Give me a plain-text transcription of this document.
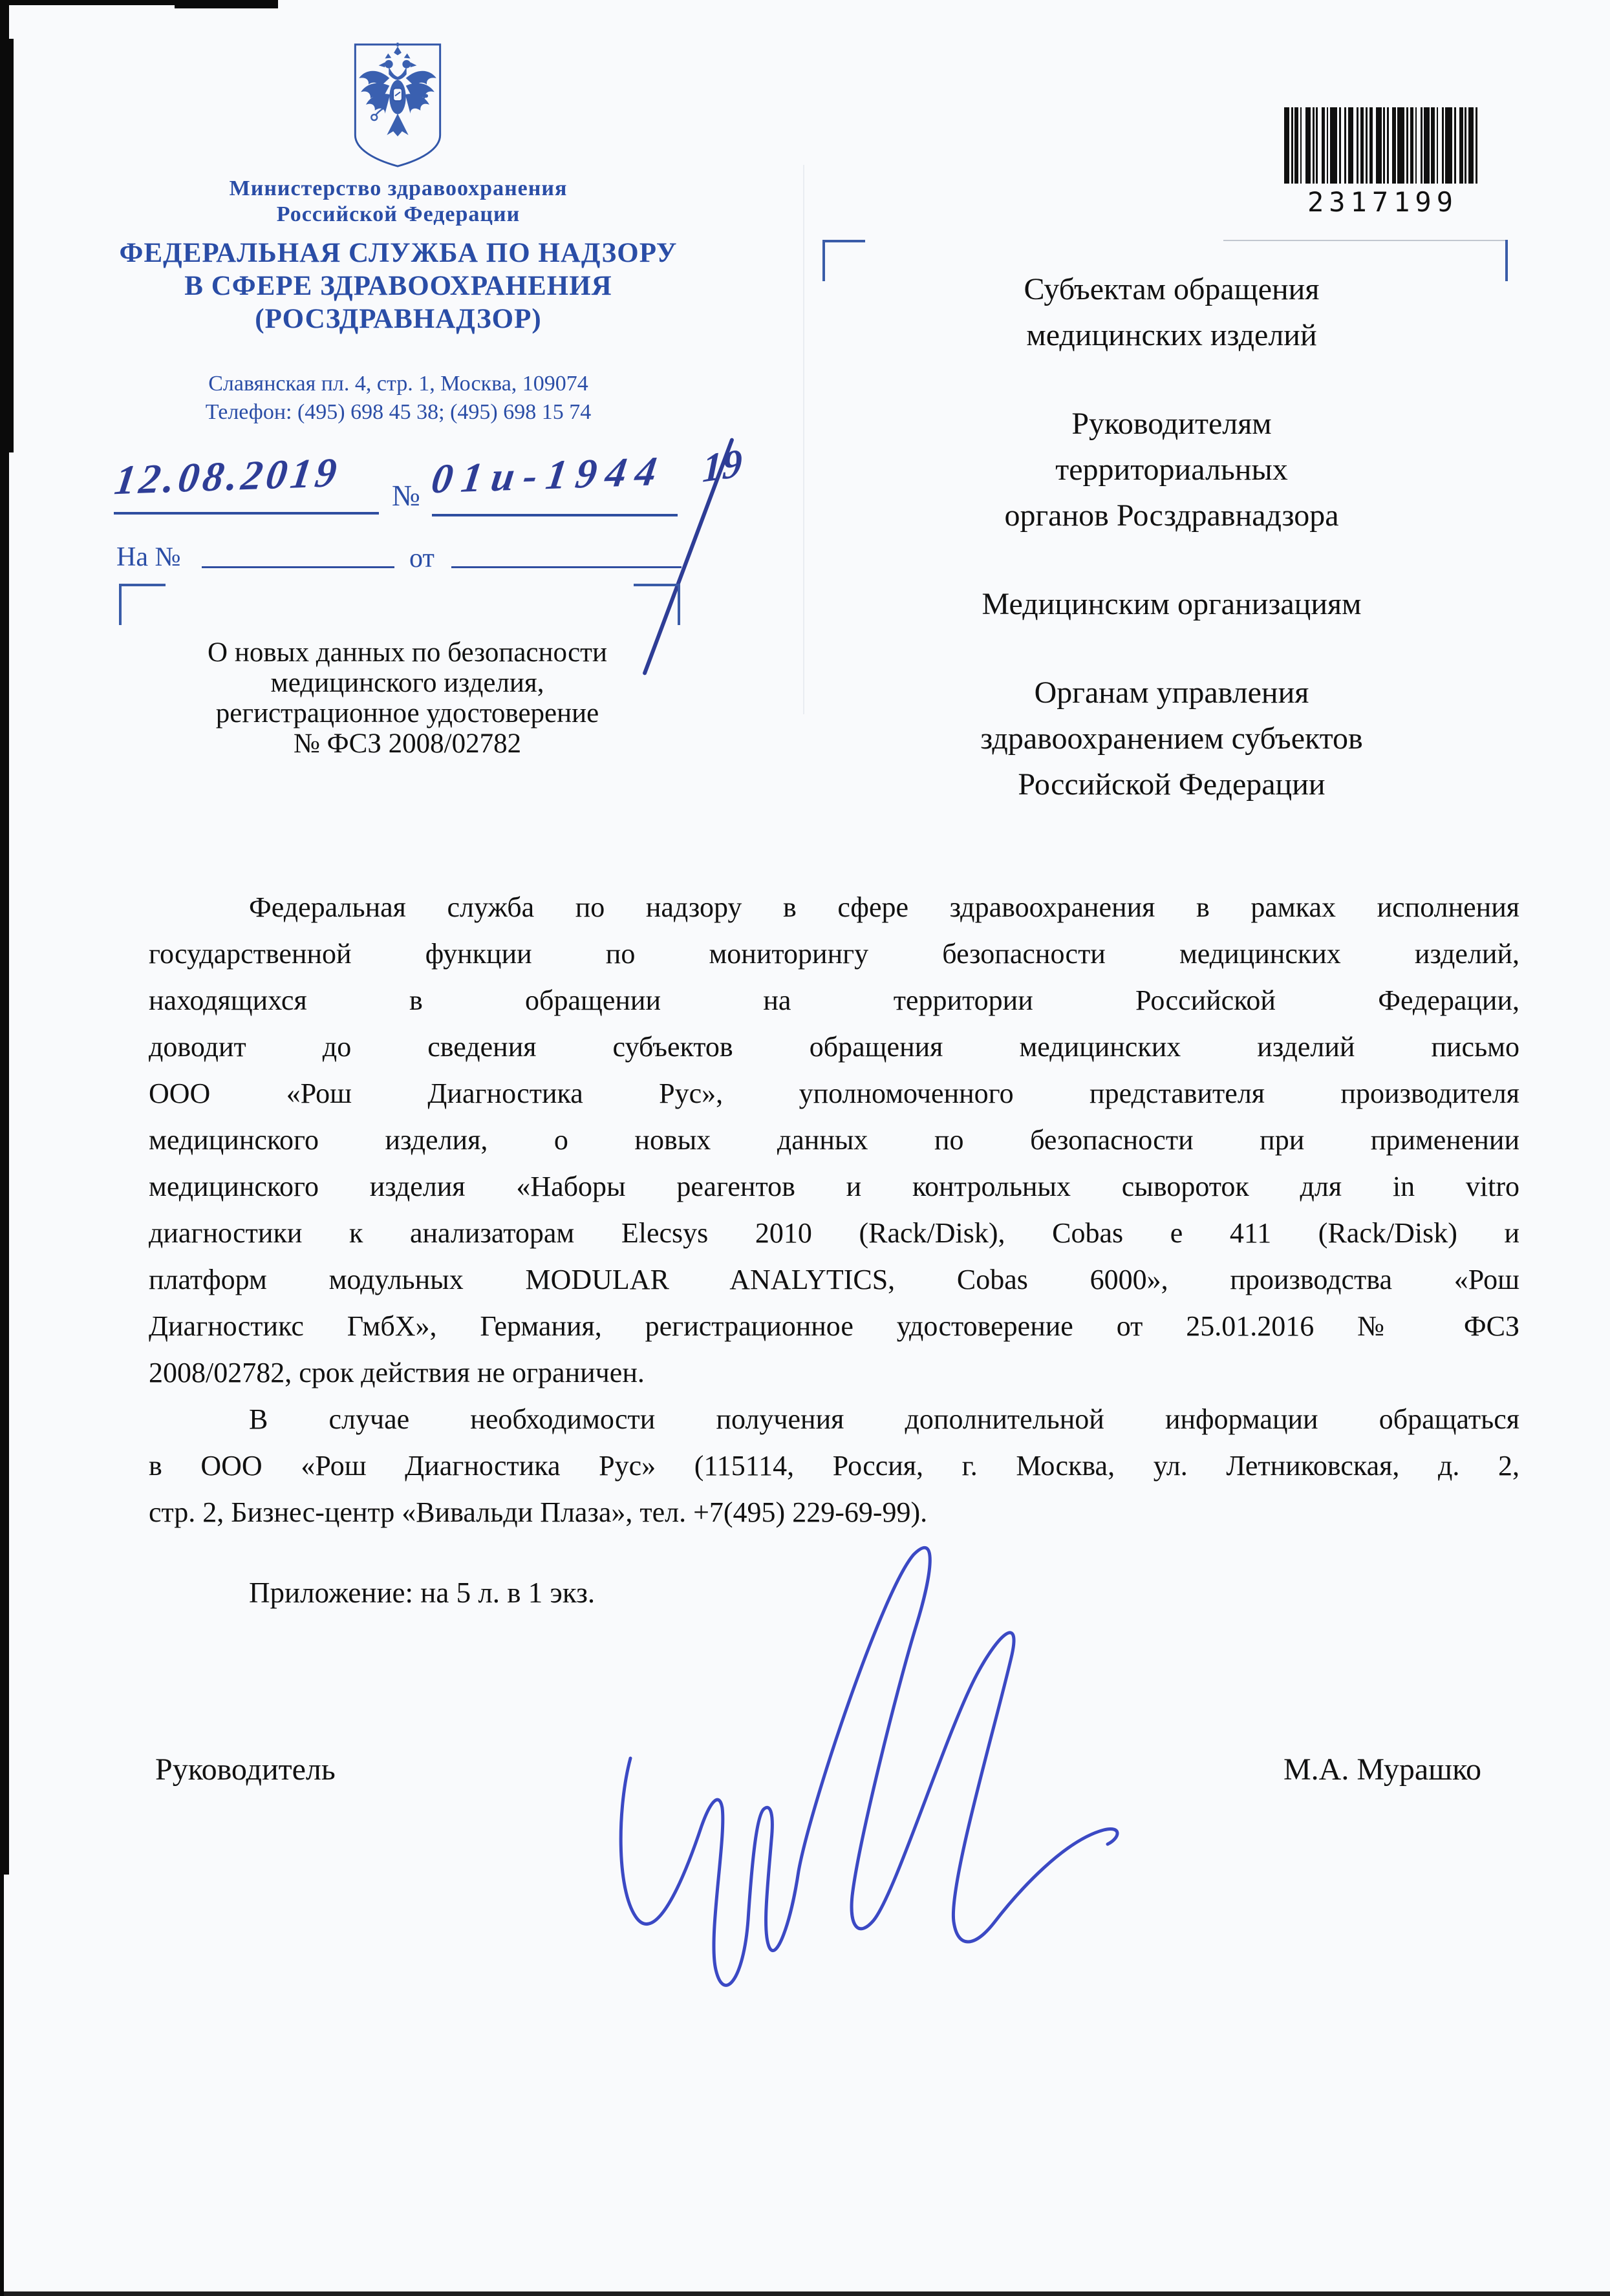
Министерство здравоохранения
Российской Федерации
ФЕДЕРАЛЬНАЯ СЛУЖБА ПО НАДЗОРУ
В СФЕРЕ ЗДРАВООХРАНЕНИЯ
(РОСЗДРАВНАДЗОР)
Славянская пл. 4, стр. 1, Москва, 109074
Телефон: (495) 698 45 38; (495) 698 15 74
12.08.2019 № 01и-1944 19
На №	от
О новых данных по безопасности
медицинского изделия,
регистрационное удостоверение
№ ФСЗ 2008/02782
2317199
Субъектам обращения
медицинских изделий
Руководителям
территориальных
органов Росздравнадзора
Медицинским организациям
Органам управления
здравоохранением субъектов
Российской Федерации
Федеральная служба по надзору в сфере здравоохранения в рамках исполнения
государственной функции по мониторингу безопасности медицинских изделий,
находящихся в обращении на территории Российской Федерации,
доводит до сведения субъектов обращения медицинских изделий письмо
ООО «Рош Диагностика Рус», уполномоченного представителя производителя
медицинского изделия, о новых данных по безопасности при применении
медицинского изделия «Наборы реагентов и контрольных сывороток для in vitro
диагностики к анализаторам Elecsys 2010 (Rack/Disk), Cobas e 411 (Rack/Disk) и
платформ модульных MODULAR ANALYTICS, Cobas 6000», производства «Рош
Диагностикс ГмбХ», Германия, регистрационное удостоверение от 25.01.2016 № ФСЗ
2008/02782, срок действия не ограничен.
В случае необходимости получения дополнительной информации обращаться
в ООО «Рош Диагностика Рус» (115114, Россия, г. Москва, ул. Летниковская, д. 2,
стр. 2, Бизнес-центр «Вивальди Плаза», тел. +7(495) 229-69-99).
Приложение: на 5 л. в 1 экз.
Руководитель	М.А. Мурашко
